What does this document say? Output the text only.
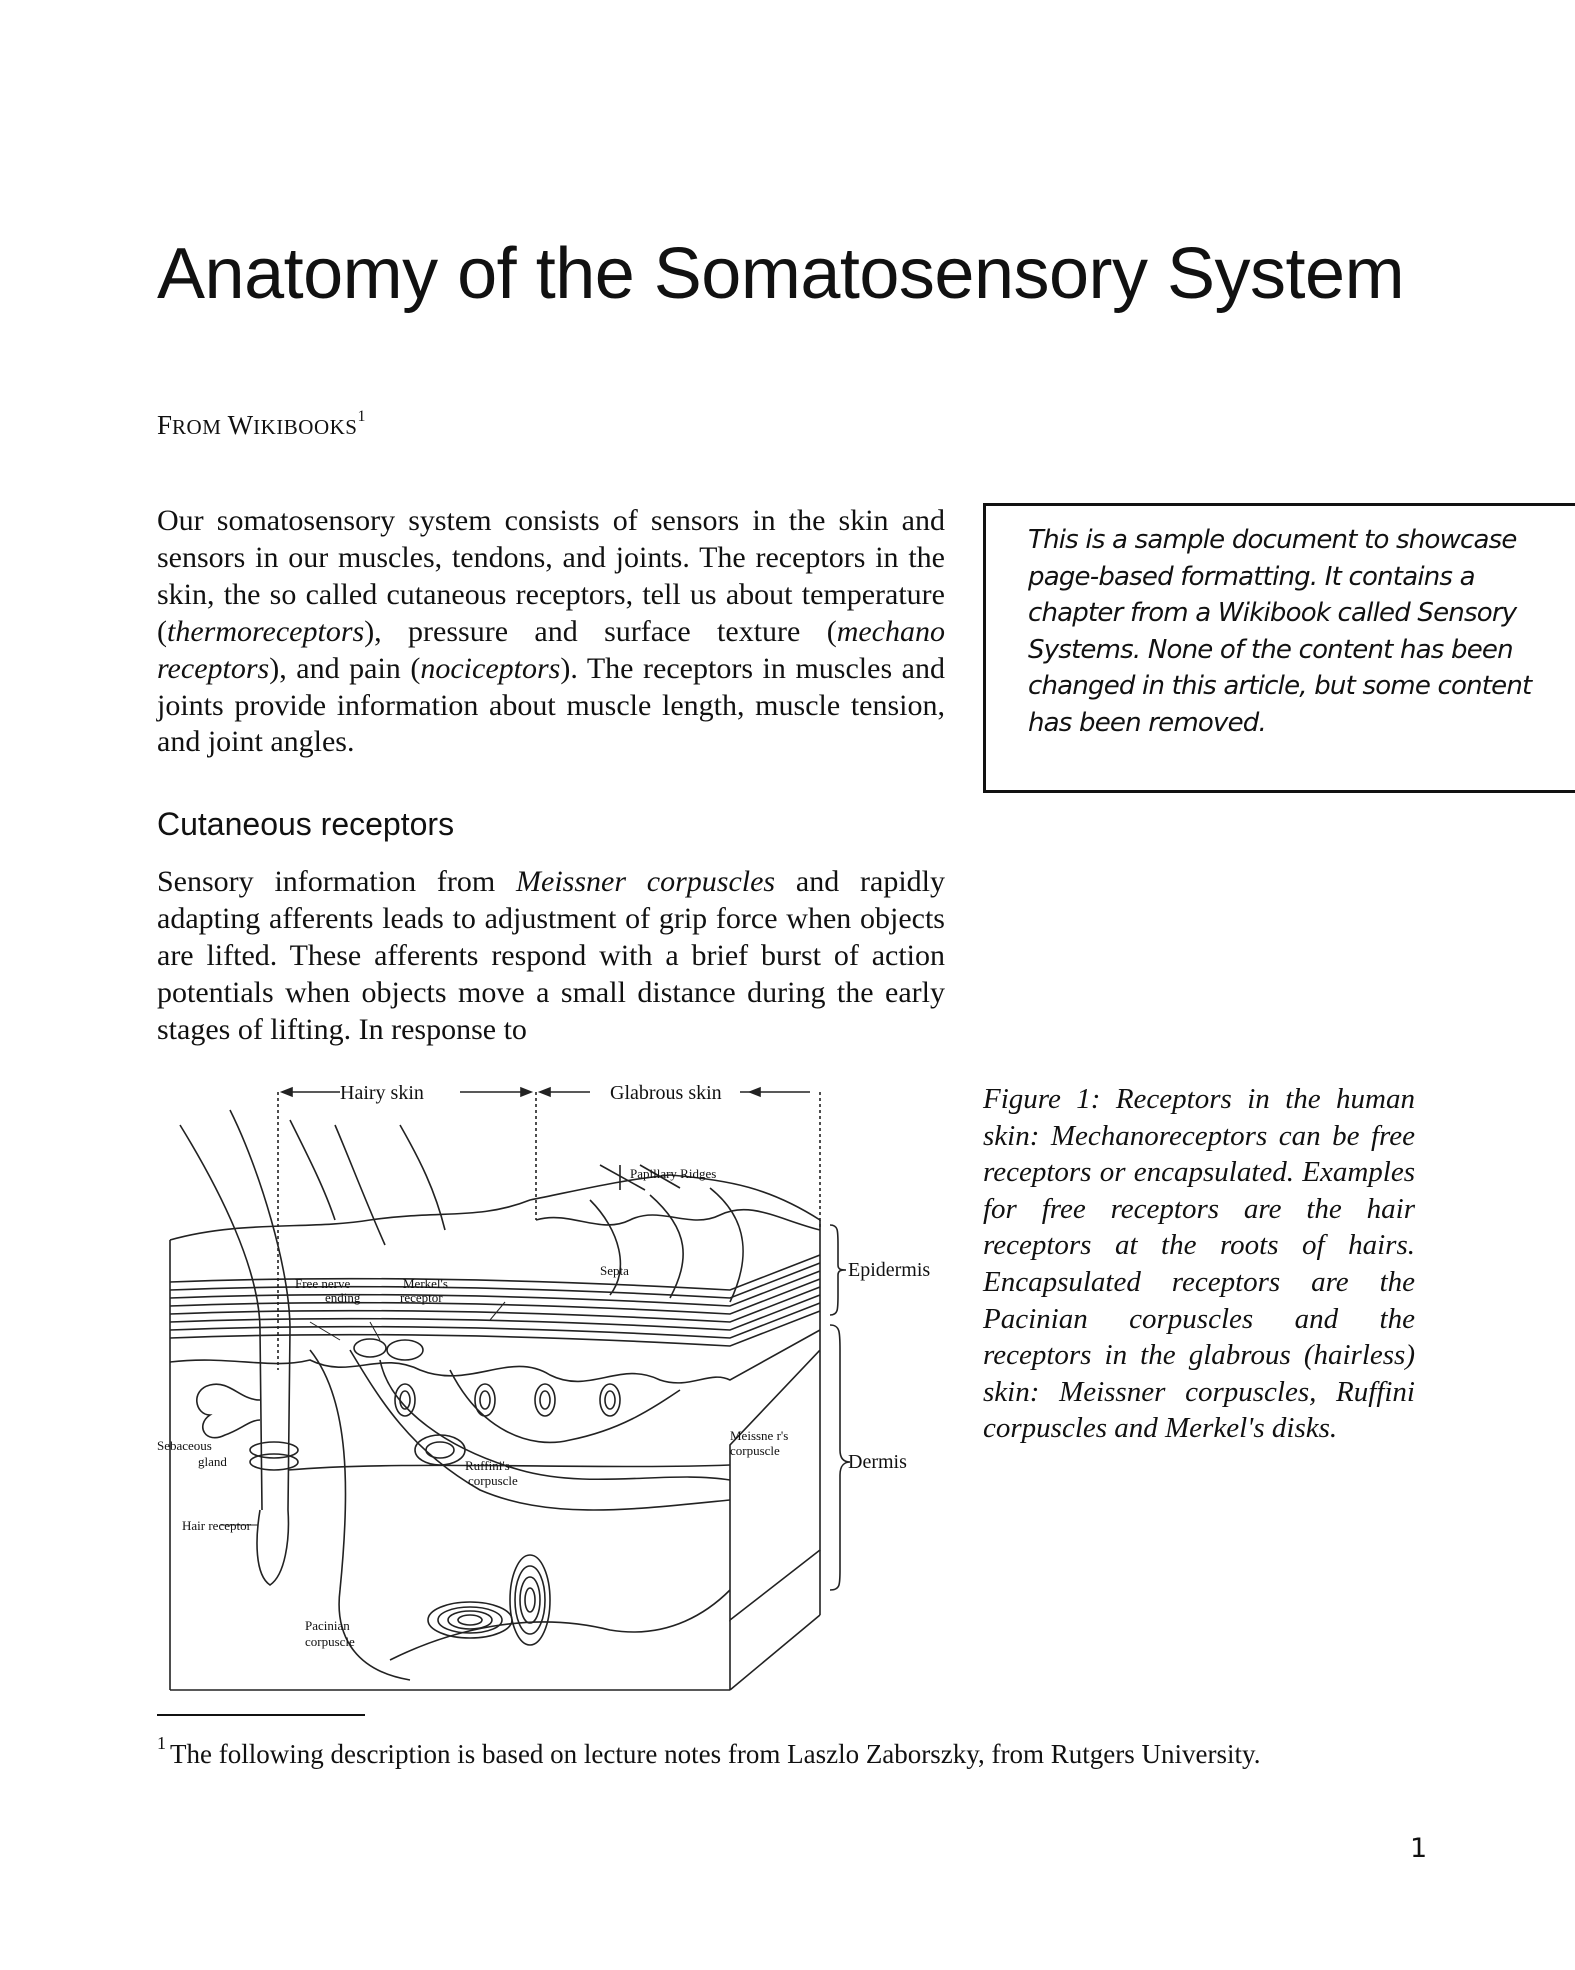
Anatomy of the Somatosensory System
FROM WIKIBOOKS$^1$

Our somatosensory system consists of sensors in the skin and sensors in our muscles, tendons, and joints. The receptors in the skin, the so called cutaneous receptors, tell us about temperature (thermoreceptors), pressure and surface texture (mechano receptors), and pain (nociceptors). The receptors in muscles and joints provide information about muscle length, muscle tension, and joint angles.

This is a sample document to showcase page-based formatting. It contains a chapter from a Wikibook called Sensory Systems. None of the content has been changed in this article, but some content has been removed.
Cutaneous receptors

Sensory information from Meissner corpuscles and rapidly adapting afferents leads to adjustment of grip force when objects are lifted. These afferents respond with a brief burst of action potentials when objects move a small distance during the early stages of lifting. In response to

Hairy skin	Glabrous skin
Papillary Ridges
Epidermis
Dermis
Free nerve
ending
Merkel's
receptor
Septa
Sebaceous
gland
Meissne r's
corpuscle
Ruffini's
corpuscle
Hair receptor
Pacinian
corpuscle

Figure 1: Receptors in the human skin: Mechanoreceptors can be free receptors or encapsulated. Examples for free receptors are the hair receptors at the roots of hairs. Encapsulated receptors are the Pacinian corpuscles and the receptors in the glabrous (hairless) skin: Meissner corpuscles, Ruffini corpuscles and Merkel's disks.

$^1$ The following description is based on lecture notes from Laszlo Zaborszky, from Rutgers University.

1
